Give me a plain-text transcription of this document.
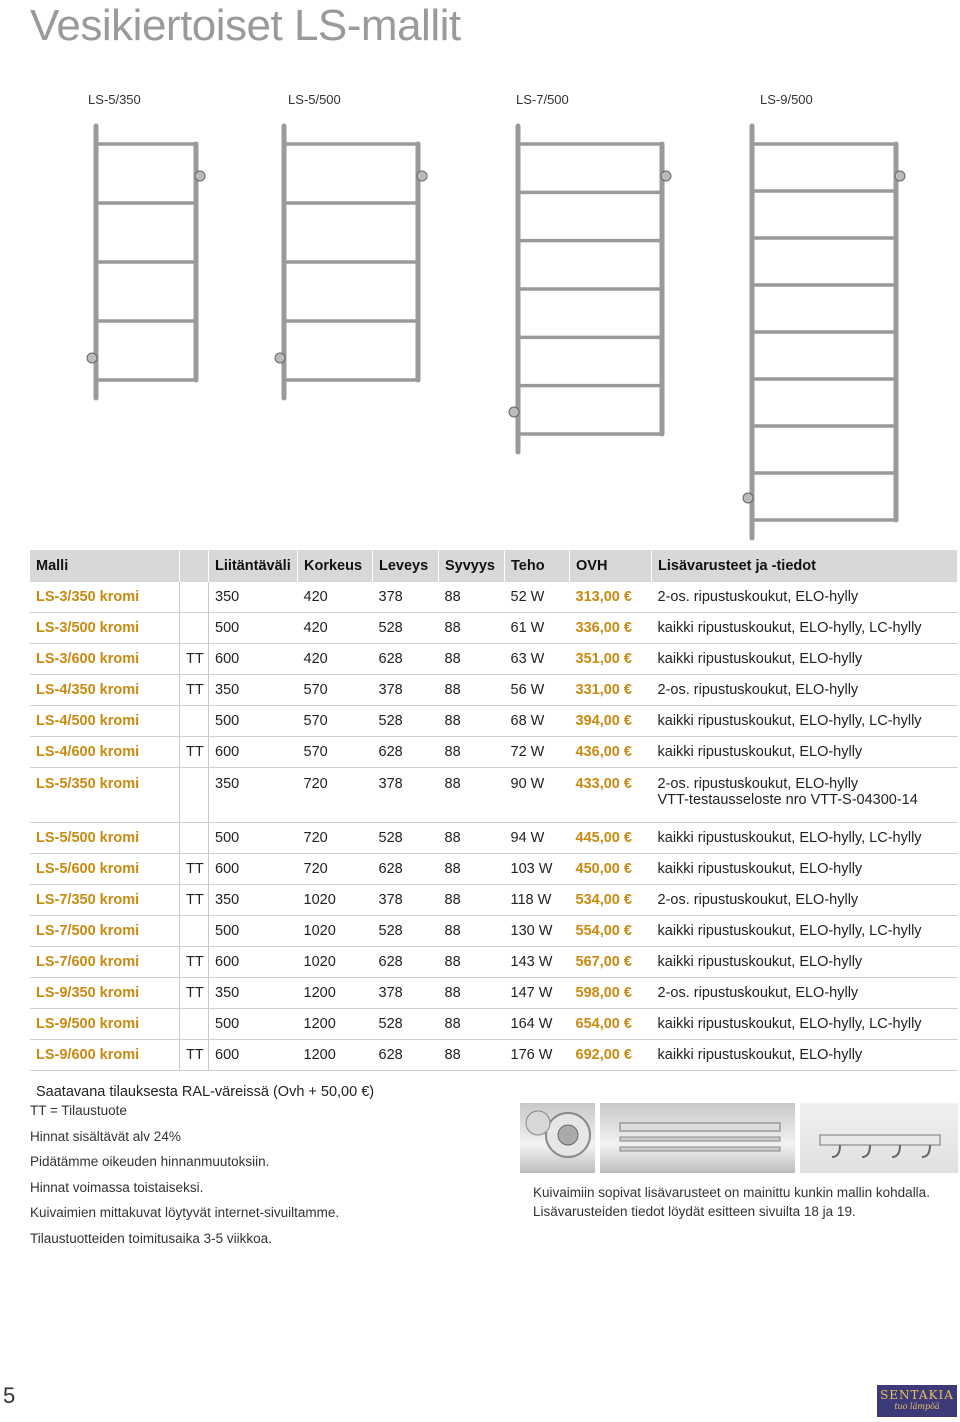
Vesikiertoiset LS-mallit
LS-5/350	LS-5/500	LS-7/500	LS-9/500
Malli		Liitäntäväli	Korkeus	Leveys	Syvyys	Teho	OVH	Lisävarusteet ja -tiedot
LS-3/350 kromi		350	420	378	88	52 W	313,00 €	2-os. ripustuskoukut, ELO-hylly

LS-3/500 kromi		500	420	528	88	61 W	336,00 €	kaikki ripustuskoukut, ELO-hylly, LC-hylly

LS-3/600 kromi	TT	600	420	628	88	63 W	351,00 €	kaikki ripustuskoukut, ELO-hylly

LS-4/350 kromi	TT	350	570	378	88	56 W	331,00 €	2-os. ripustuskoukut, ELO-hylly

LS-4/500 kromi		500	570	528	88	68 W	394,00 €	kaikki ripustuskoukut, ELO-hylly, LC-hylly

LS-4/600 kromi	TT	600	570	628	88	72 W	436,00 €	kaikki ripustuskoukut, ELO-hylly

LS-5/350 kromi		350	720	378	88	90 W	433,00 €	2-os. ripustuskoukut, ELO-hylly
VTT-testausseloste nro VTT-S-04300-14

LS-5/500 kromi		500	720	528	88	94 W	445,00 €	kaikki ripustuskoukut, ELO-hylly, LC-hylly

LS-5/600 kromi	TT	600	720	628	88	103 W	450,00 €	kaikki ripustuskoukut, ELO-hylly

LS-7/350 kromi	TT	350	1020	378	88	118 W	534,00 €	2-os. ripustuskoukut, ELO-hylly

LS-7/500 kromi		500	1020	528	88	130 W	554,00 €	kaikki ripustuskoukut, ELO-hylly, LC-hylly

LS-7/600 kromi	TT	600	1020	628	88	143 W	567,00 €	kaikki ripustuskoukut, ELO-hylly

LS-9/350 kromi	TT	350	1200	378	88	147 W	598,00 €	2-os. ripustuskoukut, ELO-hylly

LS-9/500 kromi		500	1200	528	88	164 W	654,00 €	kaikki ripustuskoukut, ELO-hylly, LC-hylly

LS-9/600 kromi	TT	600	1200	628	88	176 W	692,00 €	kaikki ripustuskoukut, ELO-hylly

Saatavana tilauksesta RAL-väreissä (Ovh + 50,00 €)								
TT = Tilaustuote
Hinnat sisältävät alv 24%
Pidätämme oikeuden hinnanmuutoksiin.
Hinnat voimassa toistaiseksi.
Kuivaimien mittakuvat löytyvät internet-sivuiltamme.
Tilaustuotteiden toimitusaika 3-5 viikkoa.
Kuivaimiin sopivat lisävarusteet on mainittu kunkin mallin kohdalla.
Lisävarusteiden tiedot löydät esitteen sivuilta 18 ja 19.
5	SENTAKIA
tuo lämpöä
